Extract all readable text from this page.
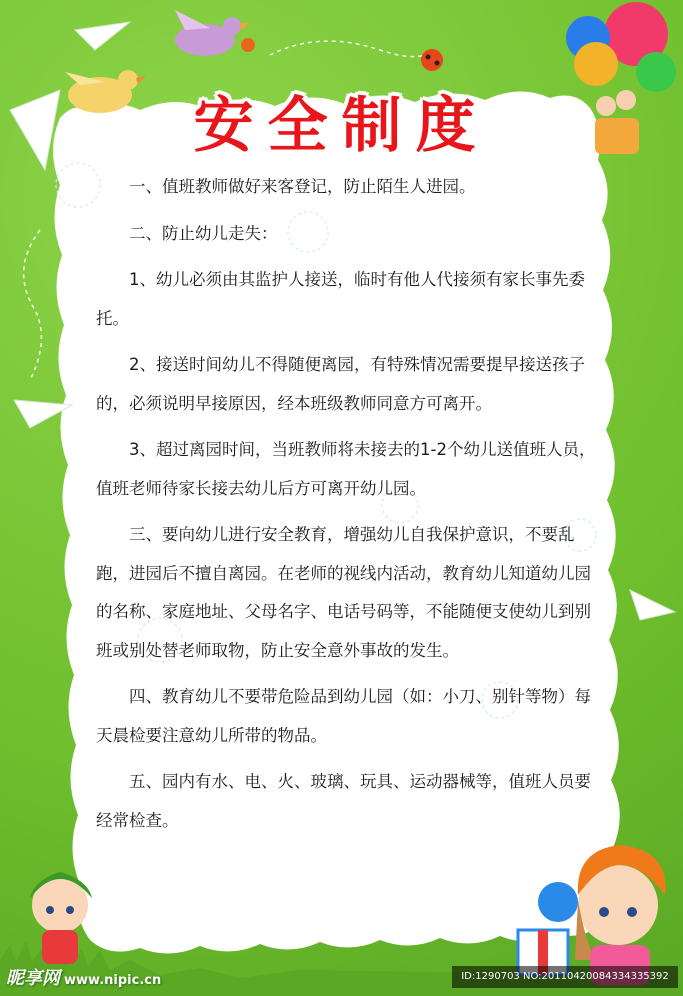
安全制度

一、值班教师做好来客登记，防止陌生人进园。

二、防止幼儿走失：

1、幼儿必须由其监护人接送，临时有他人代接须有家长事先委托。

2、接送时间幼儿不得随便离园，有特殊情况需要提早接送孩子的，必须说明早接原因，经本班级教师同意方可离开。

3、超过离园时间，当班教师将未接去的1-2个幼儿送值班人员，值班老师待家长接去幼儿后方可离开幼儿园。

三、要向幼儿进行安全教育，增强幼儿自我保护意识，不要乱跑，进园后不擅自离园。在老师的视线内活动，教育幼儿知道幼儿园的名称、家庭地址、父母名字、电话号码等，不能随便支使幼儿到别班或别处替老师取物，防止安全意外事故的发生。

四、教育幼儿不要带危险品到幼儿园（如：小刀、别针等物）每天晨检要注意幼儿所带的物品。

五、园内有水、电、火、玻璃、玩具、运动器械等，值班人员要经常检查。

昵享网 www.nipic.cn	ID:1290703 NO:20110420084334335392
